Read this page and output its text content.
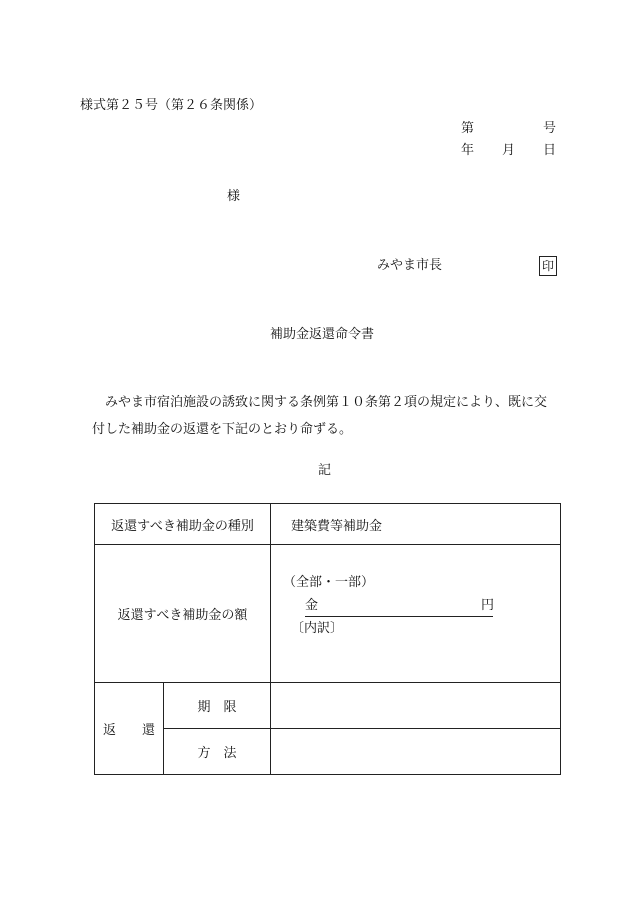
様式第２５号（第２６条関係）
第	号
年 月 日
様
みやま市長	印
補助金返還命令書
みやま市宿泊施設の誘致に関する条例第１０条第２項の規定により、既に交
付した補助金の返還を下記のとおり命ずる。
記
返還すべき補助金の種別		建築費等補助金
返還すべき補助金の額		（全部・一部）
金 円
〔内訳〕

返　　還	期　限	
	方　法	
